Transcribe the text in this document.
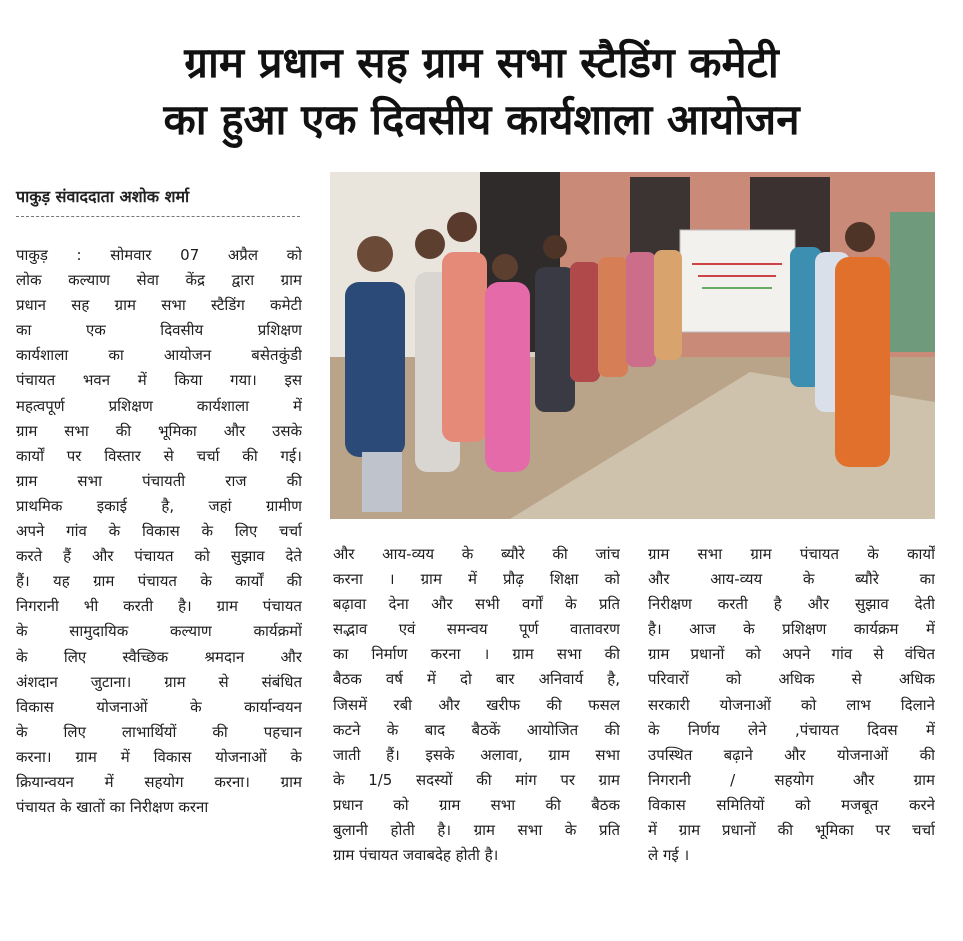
ग्राम प्रधान सह ग्राम सभा स्टैडिंग कमेटी
का हुआ एक दिवसीय कार्यशाला आयोजन
पाकुड़ संवाददाता अशोक शर्मा
पाकुड़ : सोमवार 07 अप्रैल को
लोक कल्याण सेवा केंद्र द्वारा ग्राम
प्रधान सह ग्राम सभा स्टैडिंग कमेटी
का एक दिवसीय प्रशिक्षण
कार्यशाला का आयोजन बसेतकुंडी
पंचायत भवन में किया गया। इस
महत्वपूर्ण प्रशिक्षण कार्यशाला में
ग्राम सभा की भूमिका और उसके
कार्यों पर विस्तार से चर्चा की गई।
ग्राम सभा पंचायती राज की
प्राथमिक इकाई है, जहां ग्रामीण
अपने गांव के विकास के लिए चर्चा
करते हैं और पंचायत को सुझाव देते
हैं। यह ग्राम पंचायत के कार्यों की
निगरानी भी करती है। ग्राम पंचायत
के सामुदायिक कल्याण कार्यक्रमों
के लिए स्वैच्छिक श्रमदान और
अंशदान जुटाना। ग्राम से संबंधित
विकास योजनाओं के कार्यान्वयन
के लिए लाभार्थियों की पहचान
करना। ग्राम में विकास योजनाओं के
क्रियान्वयन में सहयोग करना। ग्राम
पंचायत के खातों का निरीक्षण करना
और आय-व्यय के ब्यौरे की जांच
करना । ग्राम में प्रौढ़ शिक्षा को
बढ़ावा देना और सभी वर्गों के प्रति
सद्भाव एवं समन्वय पूर्ण वातावरण
का निर्माण करना । ग्राम सभा की
बैठक वर्ष में दो बार अनिवार्य है,
जिसमें रबी और खरीफ की फसल
कटने के बाद बैठकें आयोजित की
जाती हैं। इसके अलावा, ग्राम सभा
के 1/5 सदस्यों की मांग पर ग्राम
प्रधान को ग्राम सभा की बैठक
बुलानी होती है। ग्राम सभा के प्रति
ग्राम पंचायत जवाबदेह होती है।
ग्राम सभा ग्राम पंचायत के कार्यों
और आय-व्यय के ब्यौरे का
निरीक्षण करती है और सुझाव देती
है। आज के प्रशिक्षण कार्यक्रम में
ग्राम प्रधानों को अपने गांव से वंचित
परिवारों को अधिक से अधिक
सरकारी योजनाओं को लाभ दिलाने
के निर्णय लेने ,पंचायत दिवस में
उपस्थित बढ़ाने और योजनाओं की
निगरानी / सहयोग और ग्राम
विकास समितियों को मजबूत करने
में ग्राम प्रधानों की भूमिका पर चर्चा
ले गई ।
